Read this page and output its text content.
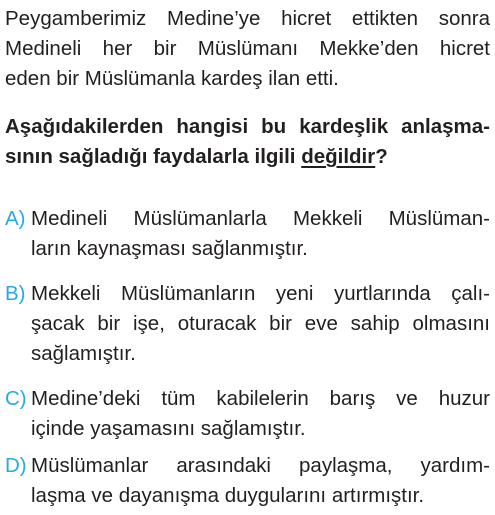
Peygamberimiz Medine’ye hicret ettikten sonra
Medineli her bir Müslümanı Mekke’den hicret
eden bir Müslümanla kardeş ilan etti.
Aşağıdakilerden hangisi bu kardeşlik anlaşma-
sının sağladığı faydalarla ilgili değildir?
A) Medineli Müslümanlarla Mekkeli Müslüman-
ların kaynaşması sağlanmıştır.
B) Mekkeli Müslümanların yeni yurtlarında çalı-
şacak bir işe, oturacak bir eve sahip olmasını
sağlamıştır.
C) Medine’deki tüm kabilelerin barış ve huzur
içinde yaşamasını sağlamıştır.
D) Müslümanlar arasındaki paylaşma, yardım-
laşma ve dayanışma duygularını artırmıştır.
